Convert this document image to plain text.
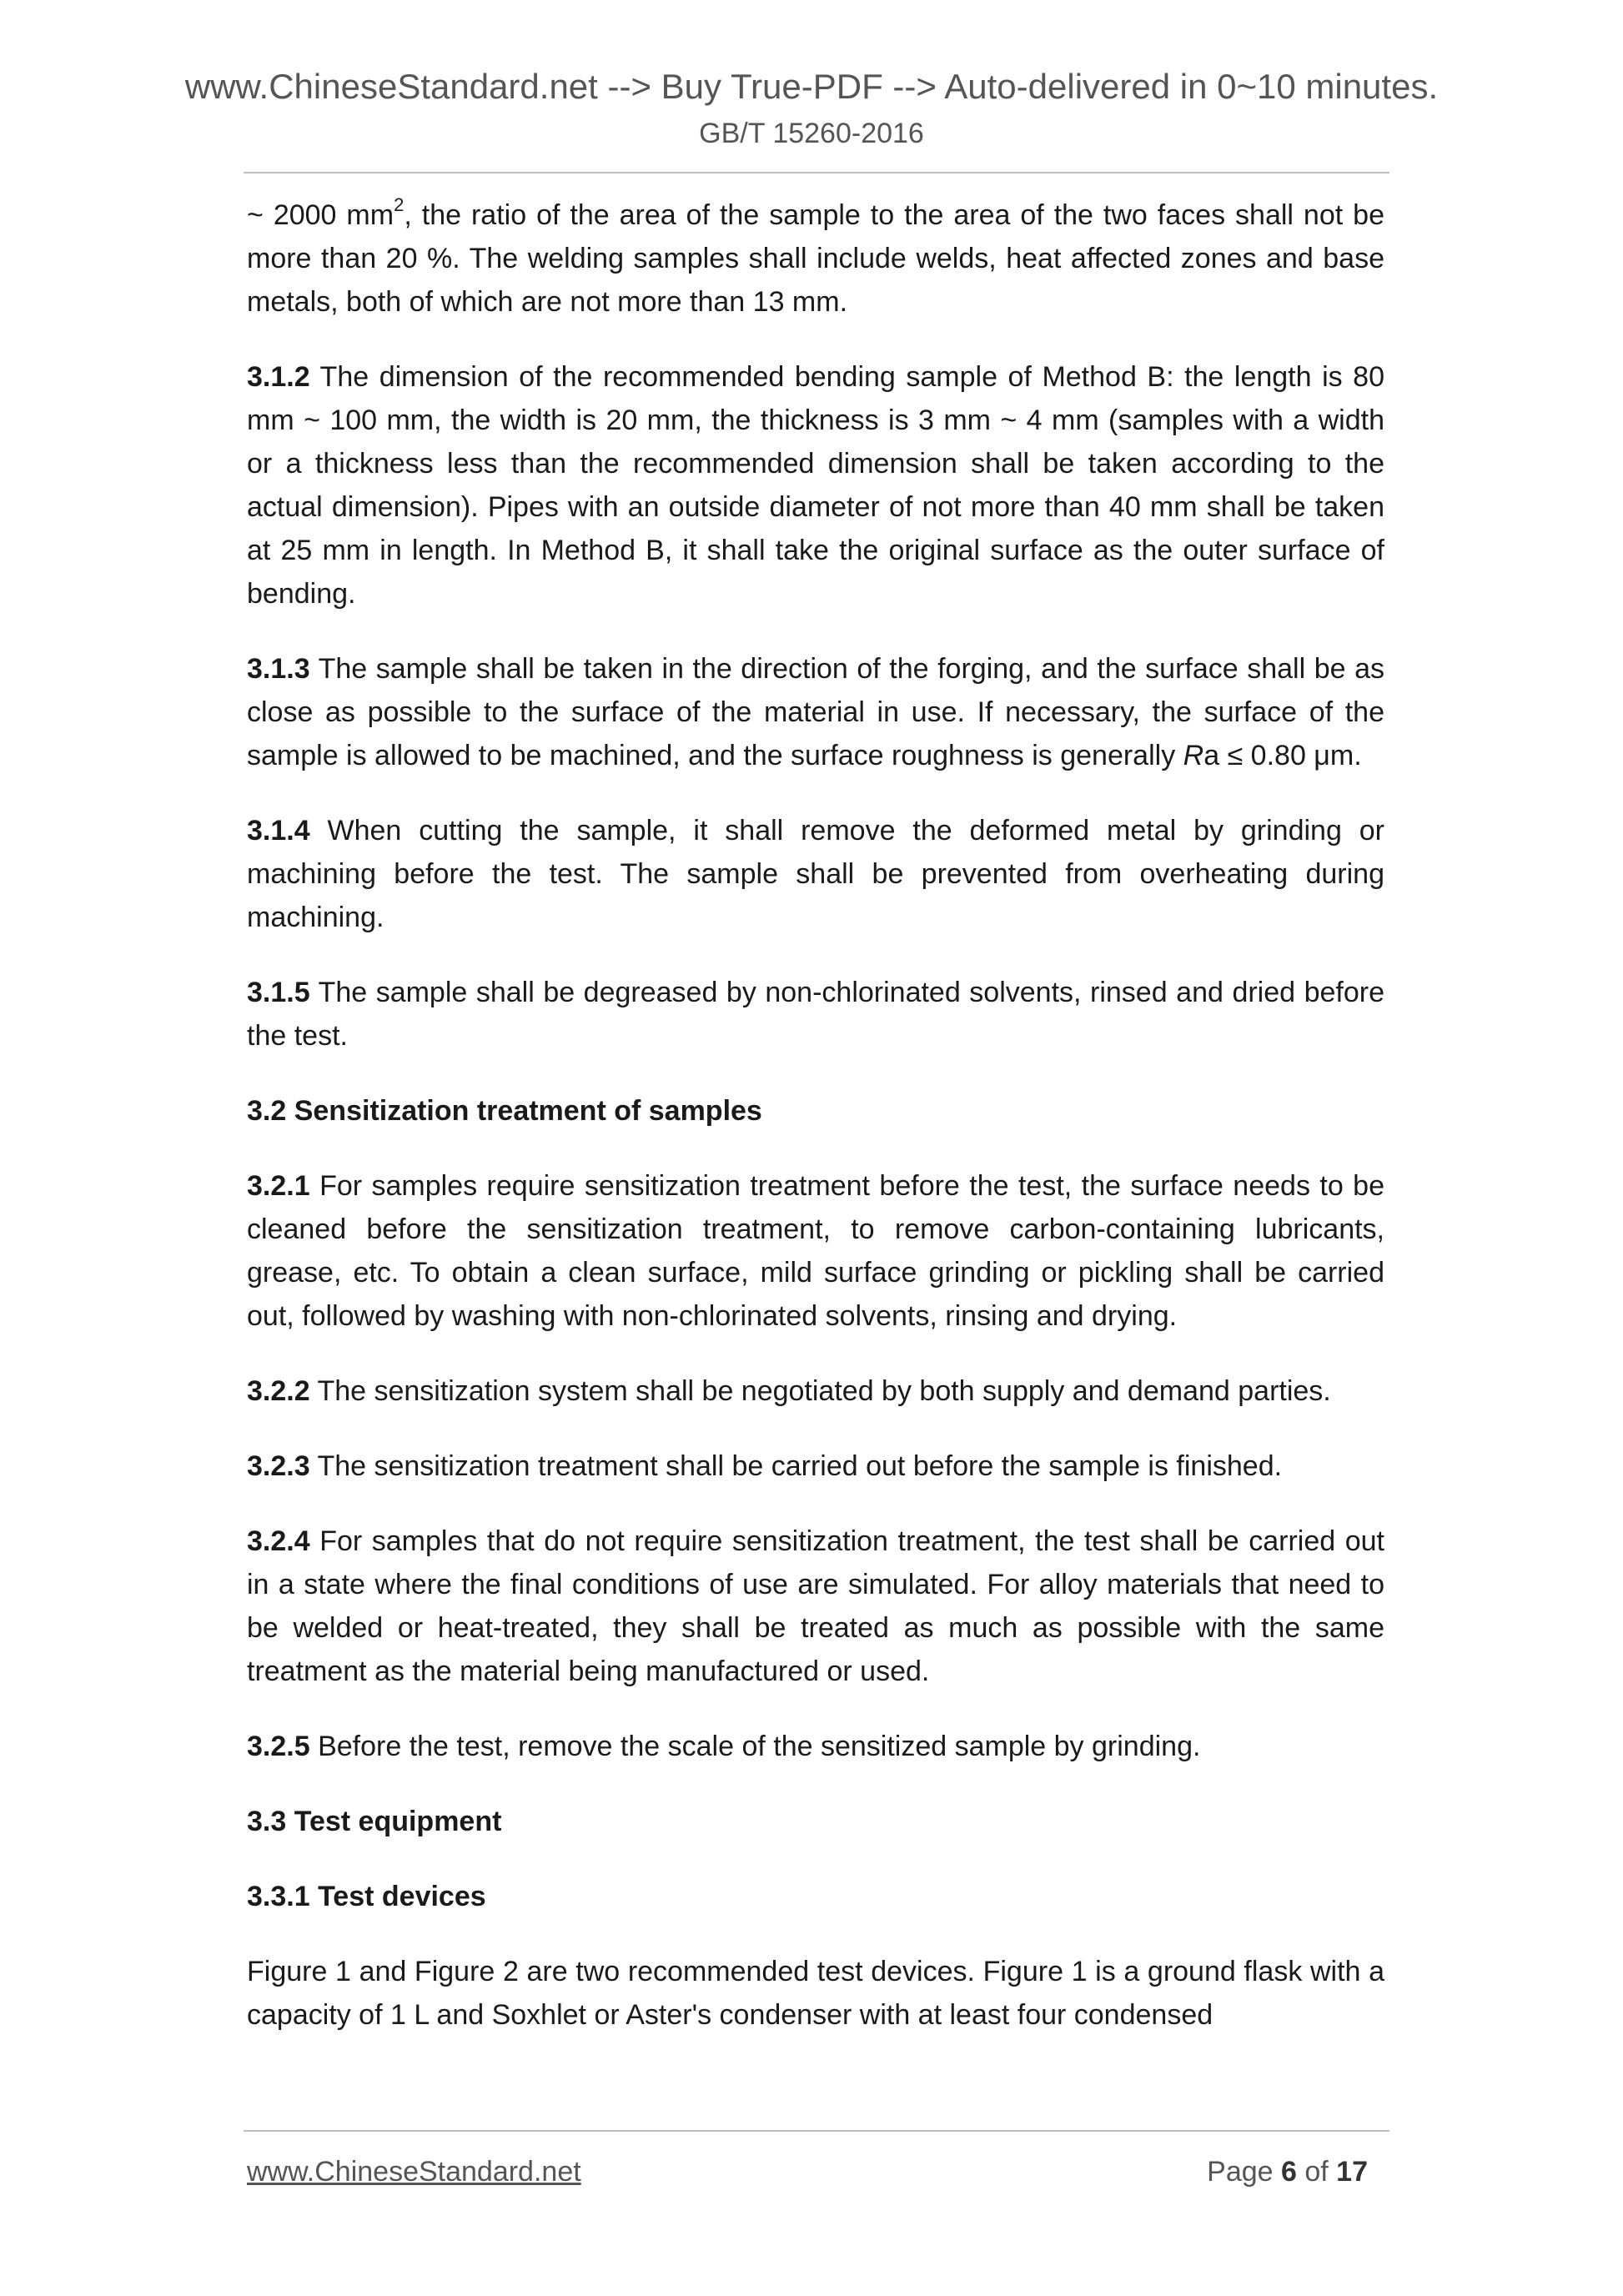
www.ChineseStandard.net --> Buy True-PDF --> Auto-delivered in 0~10 minutes.
GB/T 15260-2016

~ 2000 $mm^2$, the ratio of the area of the sample to the area of the two faces shall not be more than 20 %. The welding samples shall include welds, heat affected zones and base metals, both of which are not more than 13 mm.

3.1.2 The dimension of the recommended bending sample of Method B: the length is 80 mm ~ 100 mm, the width is 20 mm, the thickness is 3 mm ~ 4 mm (samples with a width or a thickness less than the recommended dimension shall be taken according to the actual dimension). Pipes with an outside diameter of not more than 40 mm shall be taken at 25 mm in length. In Method B, it shall take the original surface as the outer surface of bending.

3.1.3 The sample shall be taken in the direction of the forging, and the surface shall be as close as possible to the surface of the material in use. If necessary, the surface of the sample is allowed to be machined, and the surface roughness is generally Ra ≤ 0.80 μm.

3.1.4 When cutting the sample, it shall remove the deformed metal by grinding or machining before the test. The sample shall be prevented from overheating during machining.

3.1.5 The sample shall be degreased by non-chlorinated solvents, rinsed and dried before the test.

3.2 Sensitization treatment of samples

3.2.1 For samples require sensitization treatment before the test, the surface needs to be cleaned before the sensitization treatment, to remove carbon-containing lubricants, grease, etc. To obtain a clean surface, mild surface grinding or pickling shall be carried out, followed by washing with non-chlorinated solvents, rinsing and drying.

3.2.2 The sensitization system shall be negotiated by both supply and demand parties.

3.2.3 The sensitization treatment shall be carried out before the sample is finished.

3.2.4 For samples that do not require sensitization treatment, the test shall be carried out in a state where the final conditions of use are simulated. For alloy materials that need to be welded or heat-treated, they shall be treated as much as possible with the same treatment as the material being manufactured or used.

3.2.5 Before the test, remove the scale of the sensitized sample by grinding.

3.3 Test equipment

3.3.1 Test devices

Figure 1 and Figure 2 are two recommended test devices. Figure 1 is a ground flask with a capacity of 1 L and Soxhlet or Aster's condenser with at least four condensed

www.ChineseStandard.net	Page 6 of 17
